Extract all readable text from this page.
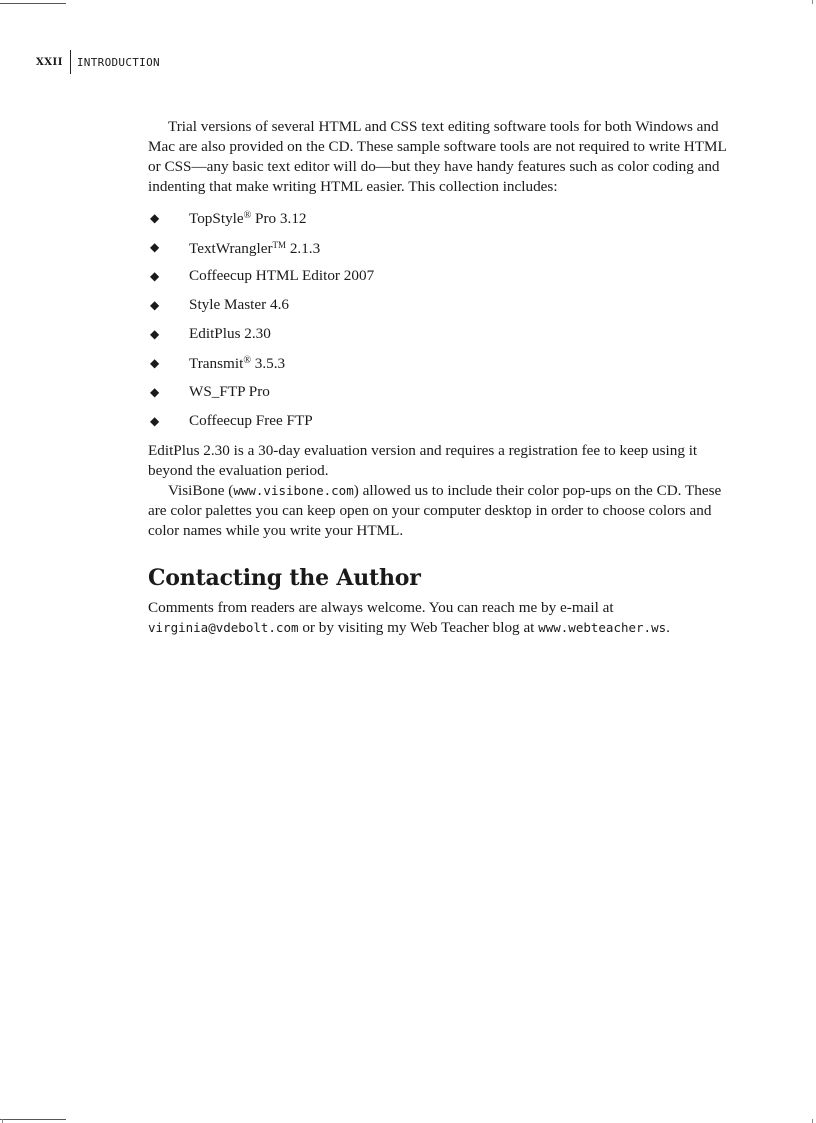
XXII INTRODUCTION

Trial versions of several HTML and CSS text editing software tools for both Windows and Mac are also provided on the CD. These sample software tools are not required to write HTML or CSS—any basic text editor will do—but they have handy features such as color coding and indenting that make writing HTML easier. This collection includes:

◆	TopStyle® Pro 3.12
◆	TextWrangler™ 2.1.3
◆	Coffeecup HTML Editor 2007
◆	Style Master 4.6
◆	EditPlus 2.30
◆	Transmit® 3.5.3
◆	WS_FTP Pro
◆	Coffeecup Free FTP

EditPlus 2.30 is a 30-day evaluation version and requires a registration fee to keep using it beyond the evaluation period.

VisiBone (www.visibone.com) allowed us to include their color pop-ups on the CD. These are color palettes you can keep open on your computer desktop in order to choose colors and color names while you write your HTML.

Contacting the Author

Comments from readers are always welcome. You can reach me by e-mail at virginia@vdebolt.com or by visiting my Web Teacher blog at www.webteacher.ws.
